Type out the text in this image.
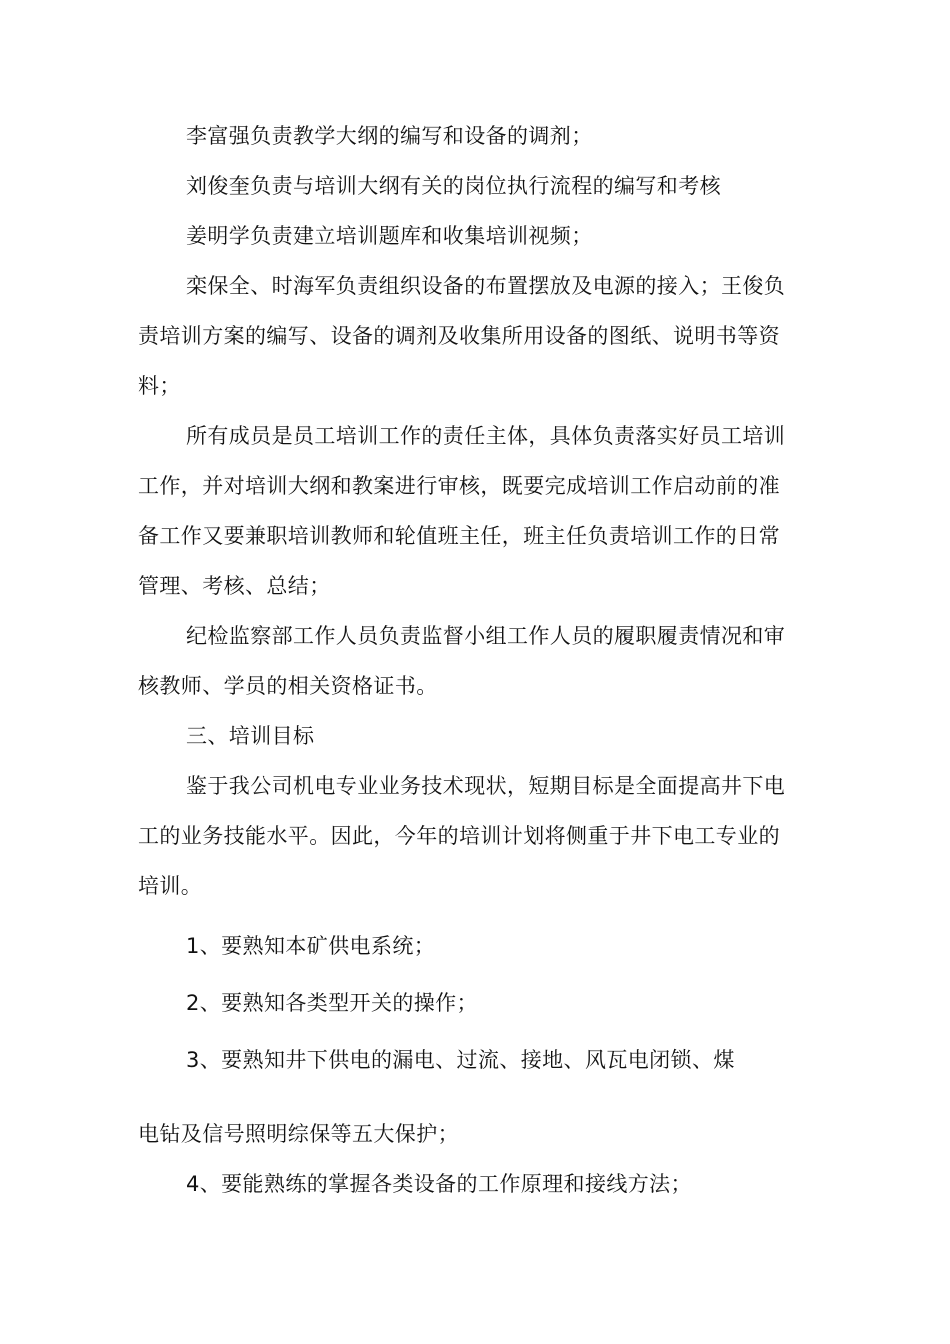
李富强负责教学大纲的编写和设备的调剂；

刘俊奎负责与培训大纲有关的岗位执行流程的编写和考核

姜明学负责建立培训题库和收集培训视频；

栾保全、时海军负责组织设备的布置摆放及电源的接入；王俊负

责培训方案的编写、设备的调剂及收集所用设备的图纸、说明书等资

料；

所有成员是员工培训工作的责任主体，具体负责落实好员工培训

工作，并对培训大纲和教案进行审核，既要完成培训工作启动前的准

备工作又要兼职培训教师和轮值班主任，班主任负责培训工作的日常

管理、考核、总结；

纪检监察部工作人员负责监督小组工作人员的履职履责情况和审

核教师、学员的相关资格证书。

三、培训目标

鉴于我公司机电专业业务技术现状，短期目标是全面提高井下电

工的业务技能水平。因此，今年的培训计划将侧重于井下电工专业的

培训。

1、要熟知本矿供电系统；

2、要熟知各类型开关的操作；

3、要熟知井下供电的漏电、过流、接地、风瓦电闭锁、煤

电钻及信号照明综保等五大保护；

4、要能熟练的掌握各类设备的工作原理和接线方法；
